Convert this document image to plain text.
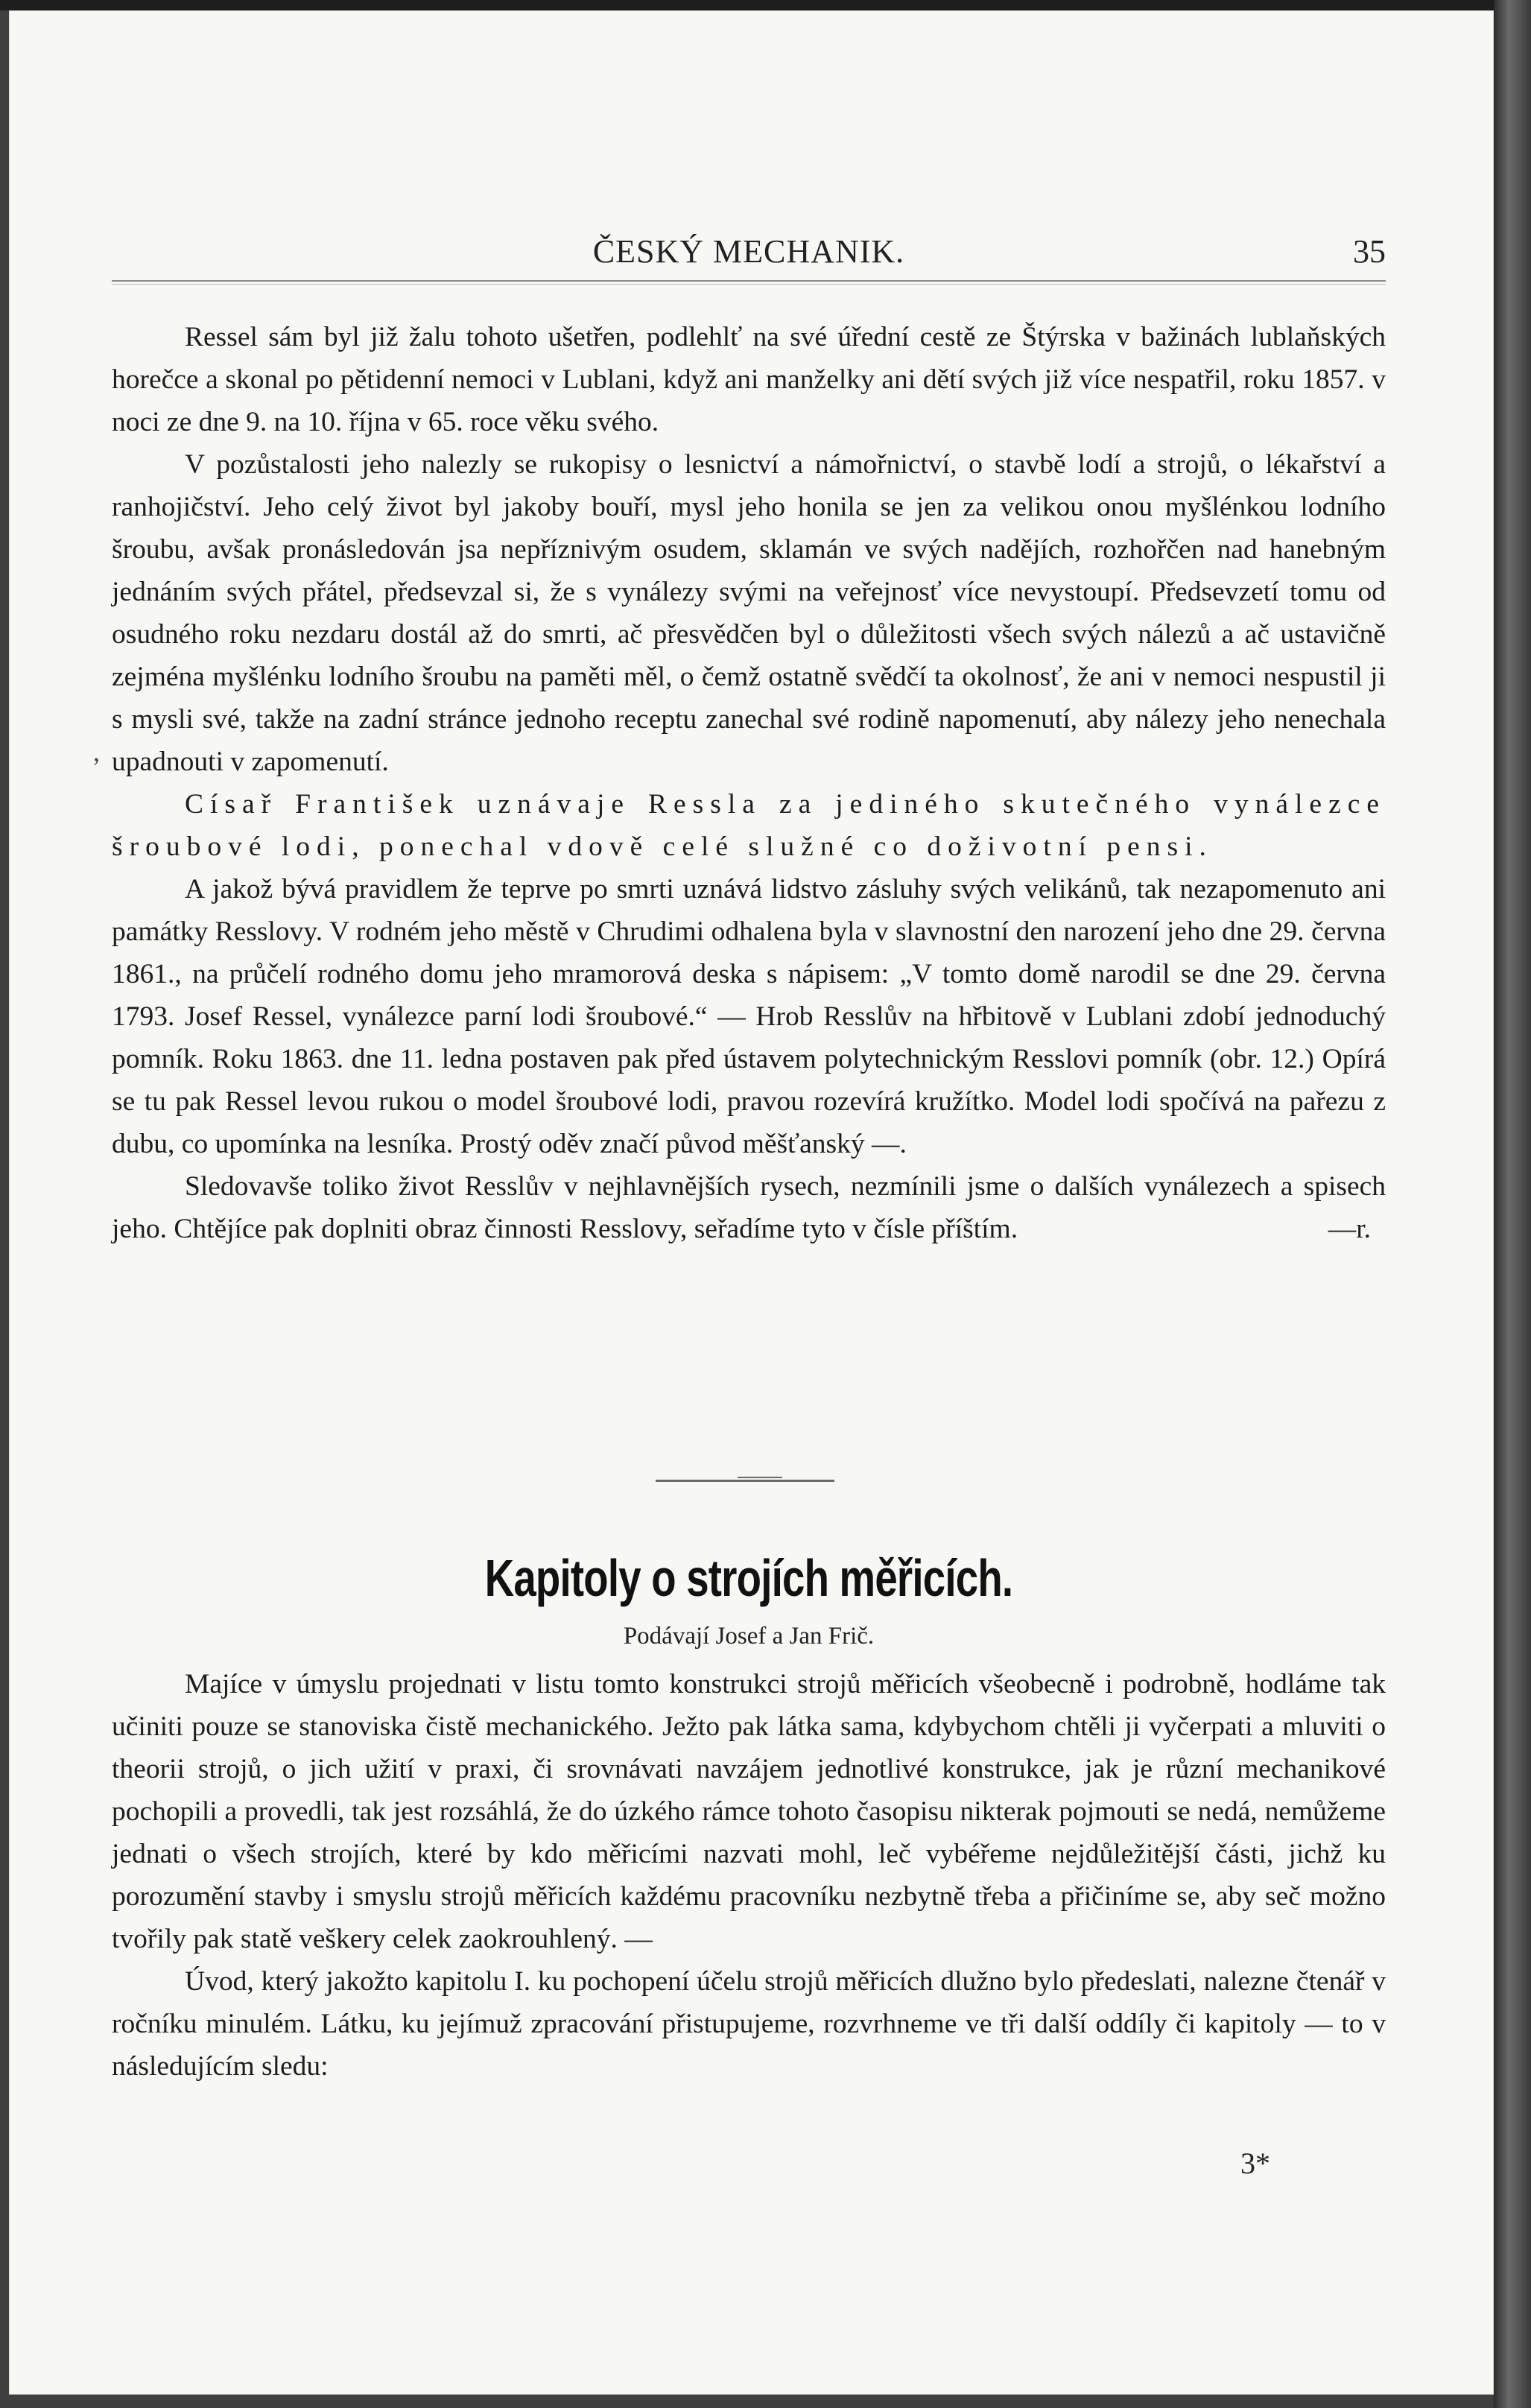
ČESKÝ MECHANIK.	35
,

Ressel sám byl již žalu tohoto ušetřen, podlehlť na své úřední cestě ze Štýrska v bažinách lublaňských horečce a skonal po pětidenní nemoci v Lublani, když ani manželky ani dětí svých již více nespatřil, roku 1857. v noci ze dne 9. na 10. října v 65. roce věku svého.

V pozůstalosti jeho nalezly se rukopisy o lesnictví a námořnictví, o stavbě lodí a strojů, o lékařství a ranhojičství. Jeho celý život byl jakoby bouří, mysl jeho honila se jen za velikou onou myšlénkou lodního šroubu, avšak pronásledován jsa nepříznivým osudem, sklamán ve svých nadějích, rozhořčen nad hanebným jednáním svých přátel, předsevzal si, že s vynálezy svými na veřejnosť více nevystoupí. Předsevzetí tomu od osudného roku nezdaru dostál až do smrti, ač přesvědčen byl o důležitosti všech svých nálezů a ač ustavičně zejména myšlénku lodního šroubu na paměti měl, o čemž ostatně svědčí ta okolnosť, že ani v nemoci nespustil ji s mysli své, takže na zadní stránce jednoho receptu zanechal své rodině napomenutí, aby nálezy jeho nenechala upadnouti v zapomenutí.

Císař František uznávaje Ressla za jediného skutečného vynálezce šroubové lodi, ponechal vdově celé služné co doživotní pensi.

A jakož bývá pravidlem že teprve po smrti uznává lidstvo zásluhy svých velikánů, tak nezapomenuto ani památky Resslovy. V rodném jeho městě v Chrudimi odhalena byla v slavnostní den narození jeho dne 29. června 1861., na průčelí rodného domu jeho mramorová deska s nápisem: „V tomto domě narodil se dne 29. června 1793. Josef Ressel, vynálezce parní lodi šroubové.“ — Hrob Resslův na hřbitově v Lublani zdobí jednoduchý pomník. Roku 1863. dne 11. ledna postaven pak před ústavem polytechnickým Resslovi pomník (obr. 12.) Opírá se tu pak Ressel levou rukou o model šroubové lodi, pravou rozevírá kružítko. Model lodi spočívá na pařezu z dubu, co upomínka na lesníka. Prostý oděv značí původ měšťanský —.

Sledovavše toliko život Resslův v nejhlavnějších rysech, nezmínili jsme o dalších vynálezech a spisech jeho. Chtějíce pak doplniti obraz činnosti Resslovy, seřadíme tyto v čísle příštím.	—r.
Kapitoly o strojích měřicích.
Podávají Josef a Jan Frič.

Majíce v úmyslu projednati v listu tomto konstrukci strojů měřicích všeobecně i podrobně, hodláme tak učiniti pouze se stanoviska čistě mechanického. Ježto pak látka sama, kdybychom chtěli ji vyčerpati a mluviti o theorii strojů, o jich užití v praxi, či srovnávati navzájem jednotlivé konstrukce, jak je různí mechanikové pochopili a provedli, tak jest rozsáhlá, že do úzkého rámce tohoto časopisu nikterak pojmouti se nedá, nemůžeme jednati o všech strojích, které by kdo měřicími nazvati mohl, leč vybéřeme nejdůležitější části, jichž ku porozumění stavby i smyslu strojů měřicích každému pracovníku nezbytně třeba a přičiníme se, aby seč možno tvořily pak statě veškery celek zaokrouhlený. —

Úvod, který jakožto kapitolu I. ku pochopení účelu strojů měřicích dlužno bylo předeslati, nalezne čtenář v ročníku minulém. Látku, ku jejímuž zpracování přistupujeme, rozvrhneme ve tři další oddíly či kapitoly — to v následujícím sledu:

3*
